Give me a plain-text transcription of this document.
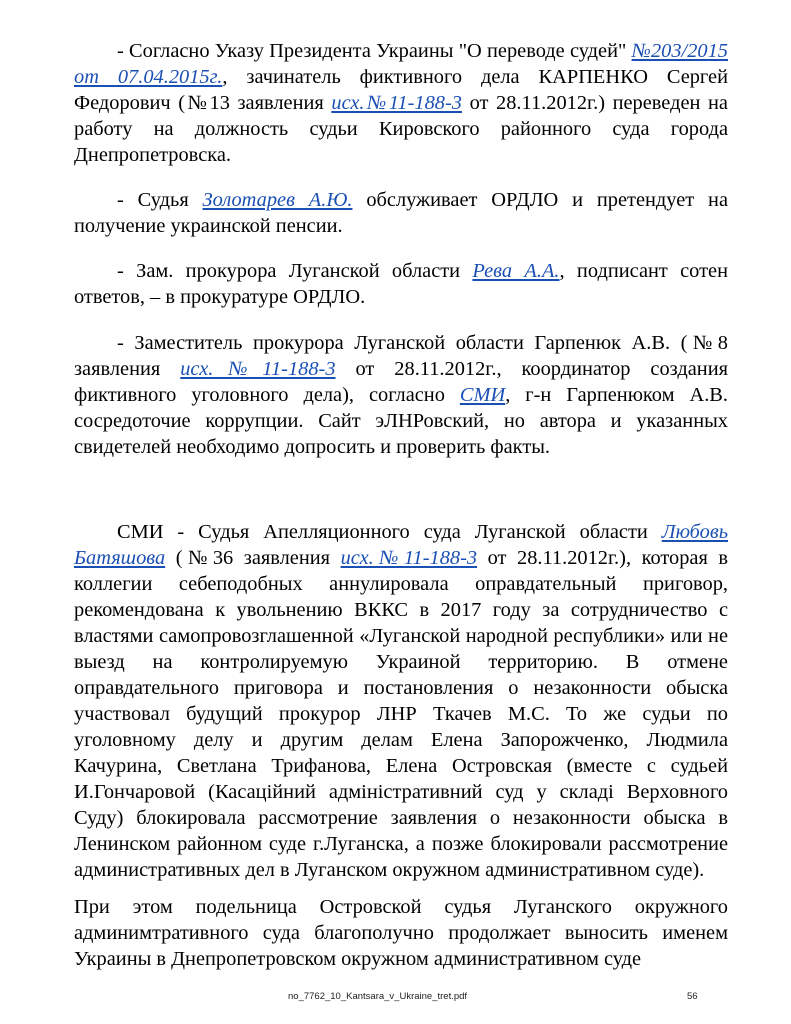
- Согласно Указу Президента Украины "О переводе судей" №203/2015 от 07.04.2015г., зачинатель фиктивного дела КАРПЕНКО Сергей Федорович (№13 заявления исх.№11-188-3 от 28.11.2012г.) переведен на работу на должность судьи Кировского районного суда города Днепропетровска.

- Судья Золотарев А.Ю. обслуживает ОРДЛО и претендует на получение украинской пенсии.

- Зам. прокурора Луганской области Рева А.А., подписант сотен ответов, – в прокуратуре ОРДЛО.

- Заместитель прокурора Луганской области Гарпенюк А.В. (№8 заявления исх.№11-188-3 от 28.11.2012г., координатор создания фиктивного уголовного дела), согласно СМИ, г-н Гарпенюком А.В. сосредоточие коррупции. Сайт эЛНРовский, но автора и указанных свидетелей необходимо допросить и проверить факты.

СМИ - Судья Апелляционного суда Луганской области Любовь Батяшова (№36 заявления исх.№11-188-3 от 28.11.2012г.), которая в коллегии себеподобных аннулировала оправдательный приговор, рекомендована к увольнению ВККС в 2017 году за сотрудничество с властями самопровозглашенной «Луганской народной республики» или не выезд на контролируемую Украиной территорию. В отмене оправдательного приговора и постановления о незаконности обыска участвовал будущий прокурор ЛНР Ткачев М.С. То же судьи по уголовному делу и другим делам Елена Запорожченко, Людмила Качурина, Светлана Трифанова, Елена Островская (вместе с судьей И.Гончаровой (Касаційний адміністративний суд у складі Верховного Суду) блокировала рассмотрение заявления о незаконности обыска в Ленинском районном суде г.Луганска, а позже блокировали рассмотрение административных дел в Луганском окружном административном суде).

При этом подельница Островской судья Луганского окружного админимтративного суда благополучно продолжает выносить именем Украины в Днепропетровском окружном административном суде

no_7762_10_Kantsara_v_Ukraine_tret.pdf	56
